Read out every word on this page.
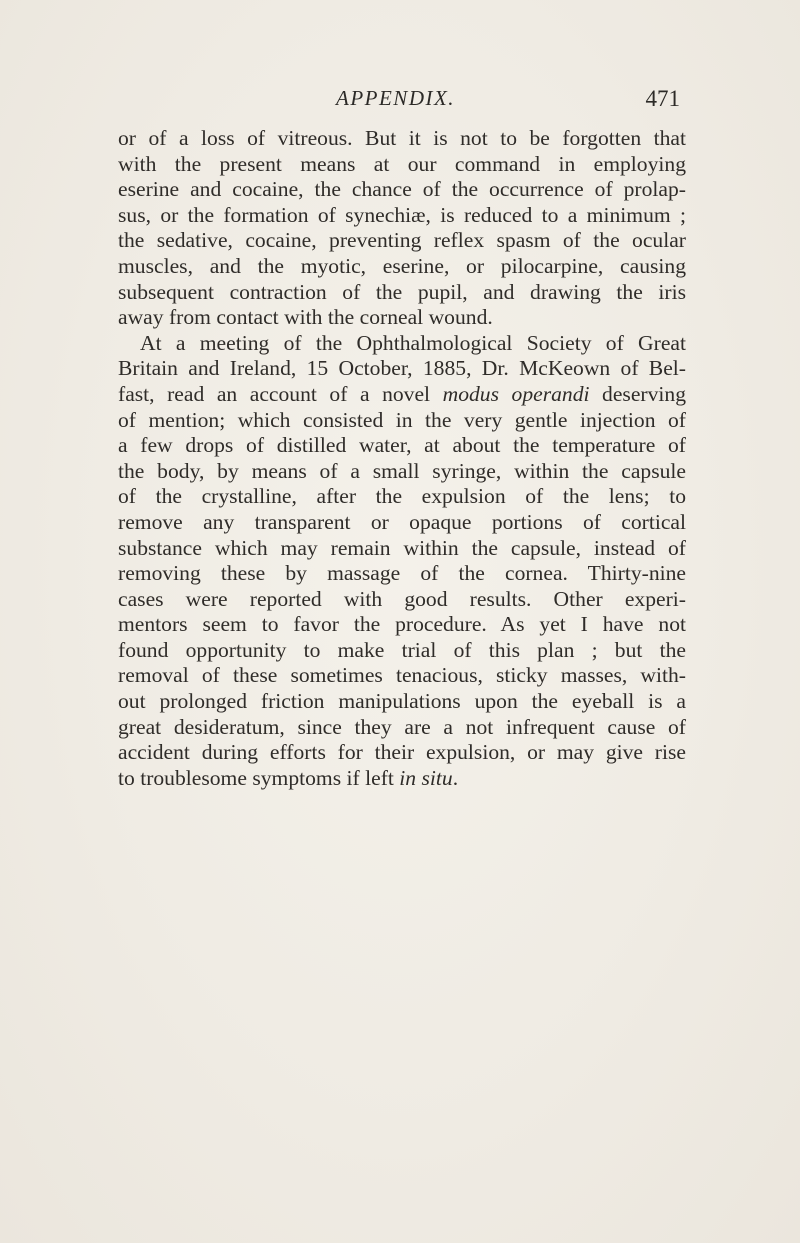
APPENDIX.	471
or of a loss of vitreous. But it is not to be forgotten that
with the present means at our command in employing
eserine and cocaine, the chance of the occurrence of prolap-
sus, or the formation of synechiæ, is reduced to a minimum ;
the sedative, cocaine, preventing reflex spasm of the ocular
muscles, and the myotic, eserine, or pilocarpine, causing
subsequent contraction of the pupil, and drawing the iris
away from contact with the corneal wound.
At a meeting of the Ophthalmological Society of Great
Britain and Ireland, 15 October, 1885, Dr. McKeown of Bel-
fast, read an account of a novel modus operandi deserving
of mention; which consisted in the very gentle injection of
a few drops of distilled water, at about the temperature of
the body, by means of a small syringe, within the capsule
of the crystalline, after the expulsion of the lens; to
remove any transparent or opaque portions of cortical
substance which may remain within the capsule, instead of
removing these by massage of the cornea. Thirty-nine
cases were reported with good results. Other experi-
mentors seem to favor the procedure. As yet I have not
found opportunity to make trial of this plan ; but the
removal of these sometimes tenacious, sticky masses, with-
out prolonged friction manipulations upon the eyeball is a
great desideratum, since they are a not infrequent cause of
accident during efforts for their expulsion, or may give rise
to troublesome symptoms if left in situ.
